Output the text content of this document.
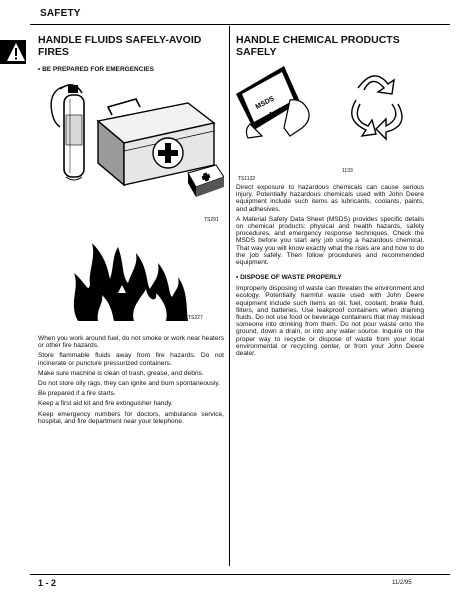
SAFETY
HANDLE FLUIDS SAFELY-AVOID FIRES
• BE PREPARED FOR EMERGENCIES
TS291
TS227

When you work around fuel, do not smoke or work near heaters or other fire hazards.

Store flammable fluids away from fire hazards. Do not incinerate or puncture pressurized containers.

Make sure machine is clean of trash, grease, and debris.

Do not store oily rags; they can ignite and burn spontaneously.

Be prepared if a fire starts.

Keep a first aid kit and fire extinguisher handy.

Keep emergency numbers for doctors, ambulance service, hospital, and fire department near your telephone.

HANDLE CHEMICAL PRODUCTS SAFELY
MSDS
TS1132
1133

Direct exposure to hazardous chemicals can cause serious injury. Potentially hazardous chemicals used with John Deere equipment include such items as lubricants, coolants, paints, and adhesives.

A Material Safety Data Sheet (MSDS) provides specific details on chemical products: physical and health hazards, safety procedures, and emergency response techniques. Check the MSDS before you start any job using a hazardous chemical. That way you will know exactly what the risks are and how to do the job safely. Then follow procedures and recommended equipment.

• DISPOSE OF WASTE PROPERLY

Improperly disposing of waste can threaten the environment and ecology. Potentially harmful waste used with John Deere equipment include such items as oil, fuel, coolant, brake fluid, filters, and batteries. Use leakproof containers when draining fluids. Do not use food or beverage containers that may mislead someone into drinking from them. Do not pour waste onto the ground, down a drain, or into any water source. Inquire on the proper way to recycle or dispose of waste from your local environmental or recycling center, or from your John Deere dealer.

1 - 2	11/2/95
